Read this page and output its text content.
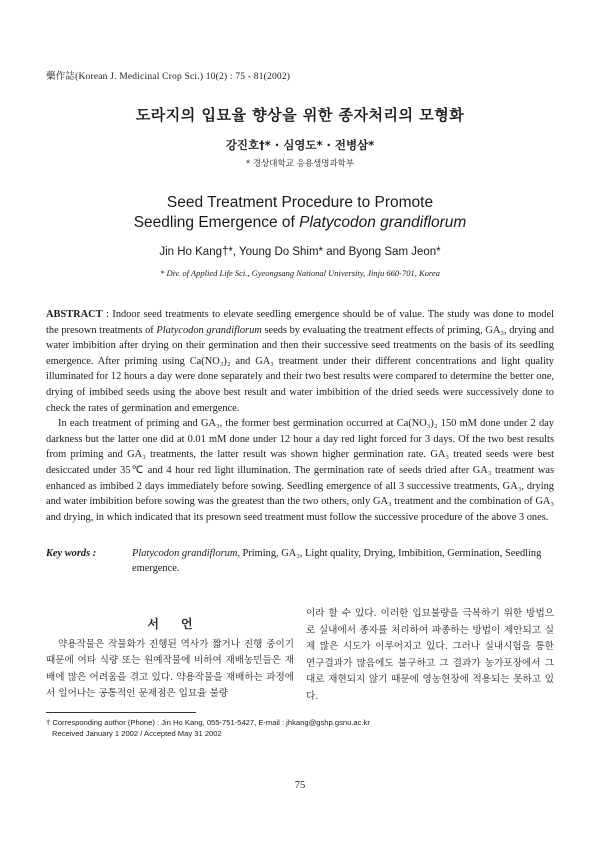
藥作誌(Korean J. Medicinal Crop Sci.) 10(2) : 75 - 81(2002)
도라지의 입묘율 향상을 위한 종자처리의 모형화
강진호†* · 심영도* · 전병삼*
* 경상대학교 응용생명과학부
Seed Treatment Procedure to Promote
Seedling Emergence of Platycodon grandiflorum
Jin Ho Kang†*, Young Do Shim* and Byong Sam Jeon*
* Div. of Applied Life Sci., Gyeongsang National University, Jinju 660-701, Korea

ABSTRACT : Indoor seed treatments to elevate seedling emergence should be of value. The study was done to model the presown treatments of Platycodon grandiflorum seeds by evaluating the treatment effects of priming, GA₃, drying and water imbibition after drying on their germination and then their successive seed treatments on the basis of its seedling emergence. After priming using Ca(NO₃)₂ and GA₃ treatment under their different concentrations and light quality illuminated for 12 hours a day were done separately and their two best results were compared to determine the better one, drying of imbibed seeds using the above best result and water imbibition of the dried seeds were successively done to check the rates of germination and emergence.

In each treatment of priming and GA₃, the former best germination occurred at Ca(NO₃)₂ 150 mM done under 2 day darkness but the latter one did at 0.01 mM done under 12 hour a day red light forced for 3 days. Of the two best results from priming and GA₃ treatments, the latter result was shown higher germination rate. GA₃ treated seeds were best desiccated under 35℃ and 4 hour red light illumination. The germination rate of seeds dried after GA₃ treatment was enhanced as imbibed 2 days immediately before sowing. Seedling emergence of all 3 successive treatments, GA₃, drying and water imbibition before sowing was the greatest than the two others, only GA₃ treatment and the combination of GA₃ and drying, in which indicated that its presown seed treatment must follow the successive procedure of the above 3 ones.

Key words :	Platycodon grandiflorum, Priming, GA₃, Light quality, Drying, Imbibition, Germination, Seedling emergence.
서언

약용작물은 작물화가 진행된 역사가 짧거나 진행 중이기 때문에 여타 식량 또는 원예작물에 비하여 재배농민들은 재배에 많은 어려움을 겪고 있다. 약용작물을 재배하는 과정에서 일어나는 공통적인 문제점은 입묘율 불량

이라 할 수 있다. 이러한 입묘불량을 극복하기 위한 방법으로 실내에서 종자를 처리하여 파종하는 방법이 제안되고 실제 많은 시도가 이루어지고 있다. 그러나 실내시험을 통한 연구결과가 많음에도 불구하고 그 결과가 농가포장에서 그대로 재현되지 않기 때문에 영농현장에 적용되는 못하고 있다.

† Corresponding author (Phone) : Jin Ho Kang, 055-751-5427, E-mail : jhkang@gshp.gsnu.ac.kr
Received January 1 2002 / Accepted May 31 2002
75
